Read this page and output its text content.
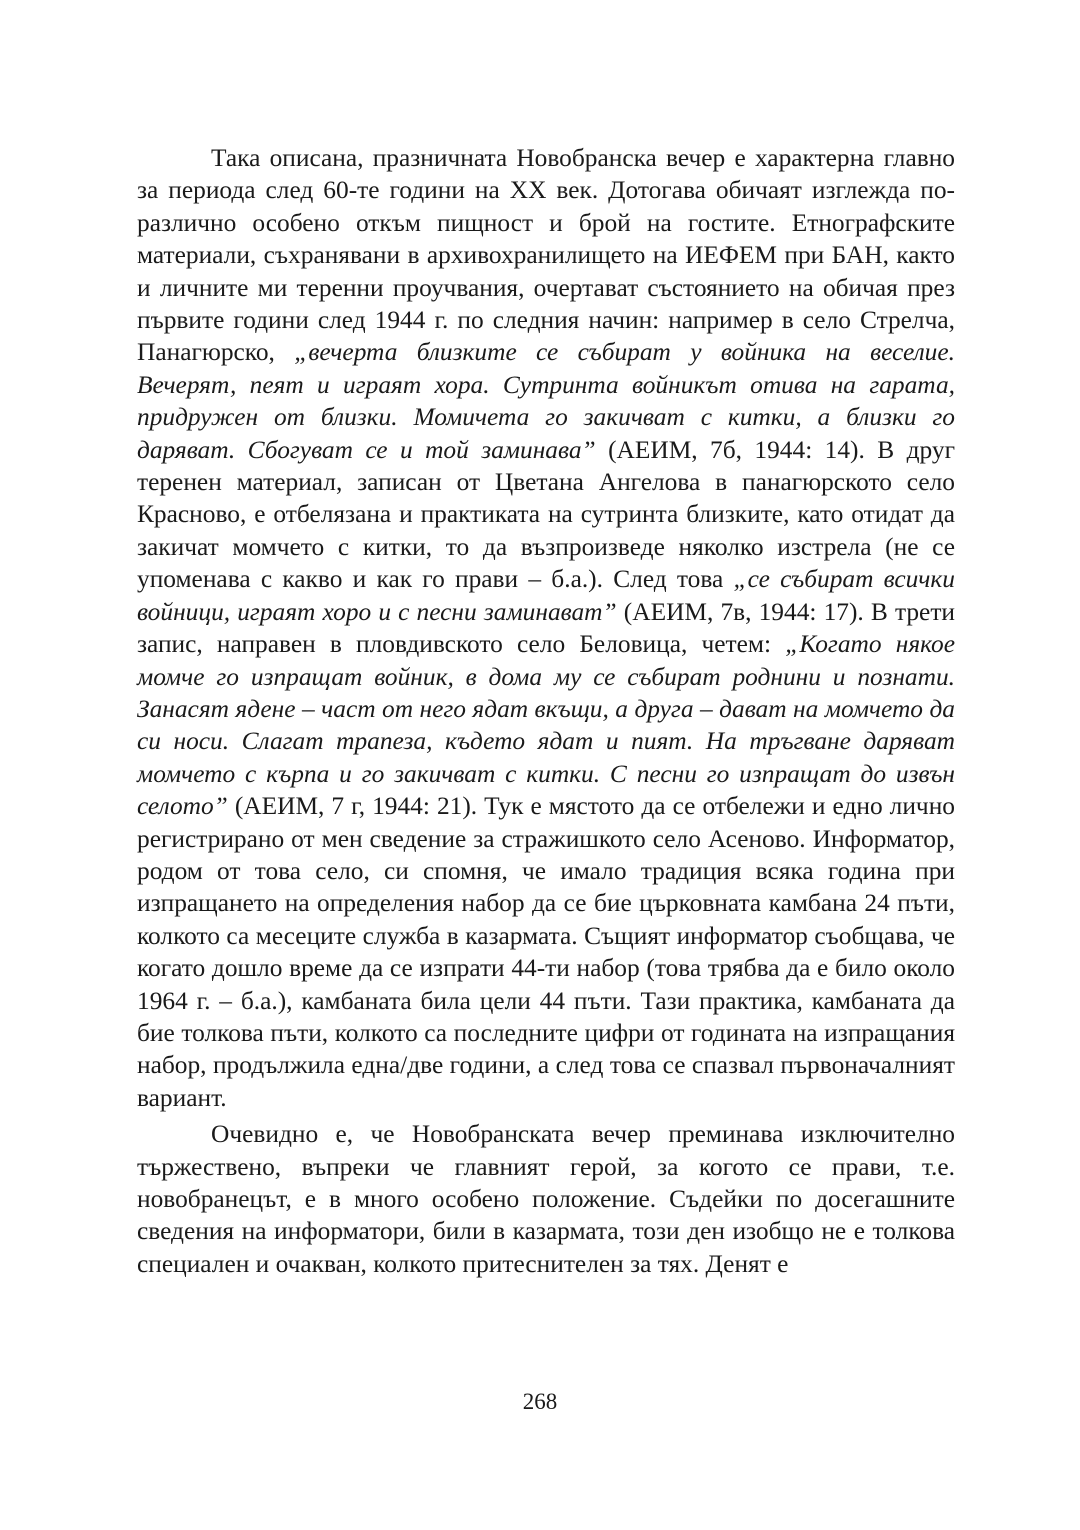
Така описана, празничната Новобранска вечер е характерна главно за периода след 60-те години на ХХ век. Дотогава обичаят изглежда по-различно особено откъм пищност и брой на гостите. Етнографските материали, съхранявани в архивохранилището на ИЕФЕМ при БАН, както и личните ми теренни проучвания, очертават състоянието на обичая през първите години след 1944 г. по следния начин: например в село Стрелча, Панагюрско, „вечерта близките се събират у войника на веселие. Вечерят, пеят и играят хора. Сутринта войникът отива на гарата, придружен от близки. Момичета го закичват с китки, а близки го даряват. Сбогуват се и той заминава” (АЕИМ, 7б, 1944: 14). В друг теренен материал, записан от Цветана Ангелова в панагюрското село Красново, е отбелязана и практиката на сутринта близките, като отидат да закичат момчето с китки, то да възпроизведе няколко изстрела (не се упоменава с какво и как го прави – б.а.). След това „се събират всички войници, играят хоро и с песни заминават” (АЕИМ, 7в, 1944: 17). В трети запис, направен в пловдивското село Беловица, четем: „Когато някое момче го изпращат войник, в дома му се събират роднини и познати. Занасят ядене – част от него ядат вкъщи, а друга – дават на момчето да си носи. Слагат трапеза, където ядат и пият. На тръгване даряват момчето с кърпа и го закичват с китки. С песни го изпращат до извън селото” (АЕИМ, 7 г, 1944: 21). Тук е мястото да се отбележи и едно лично регистрирано от мен сведение за стражишкото село Асеново. Информатор, родом от това село, си спомня, че имало традиция всяка година при изпращането на определения набор да се бие църковната камбана 24 пъти, колкото са месеците служба в казармата. Същият информатор съобщава, че когато дошло време да се изпрати 44-ти набор (това трябва да е било около 1964 г. – б.а.), камбаната била цели 44 пъти. Тази практика, камбаната да бие толкова пъти, колкото са последните цифри от годината на изпращания набор, продължила една/две години, а след това се спазвал първоначалният вариант.

Очевидно е, че Новобранската вечер преминава изключително тържествено, въпреки че главният герой, за когото се прави, т.е. новобранецът, е в много особено положение. Съдейки по досегашните сведения на информатори, били в казармата, този ден изобщо не е толкова специален и очакван, колкото притеснителен за тях. Денят е

268
